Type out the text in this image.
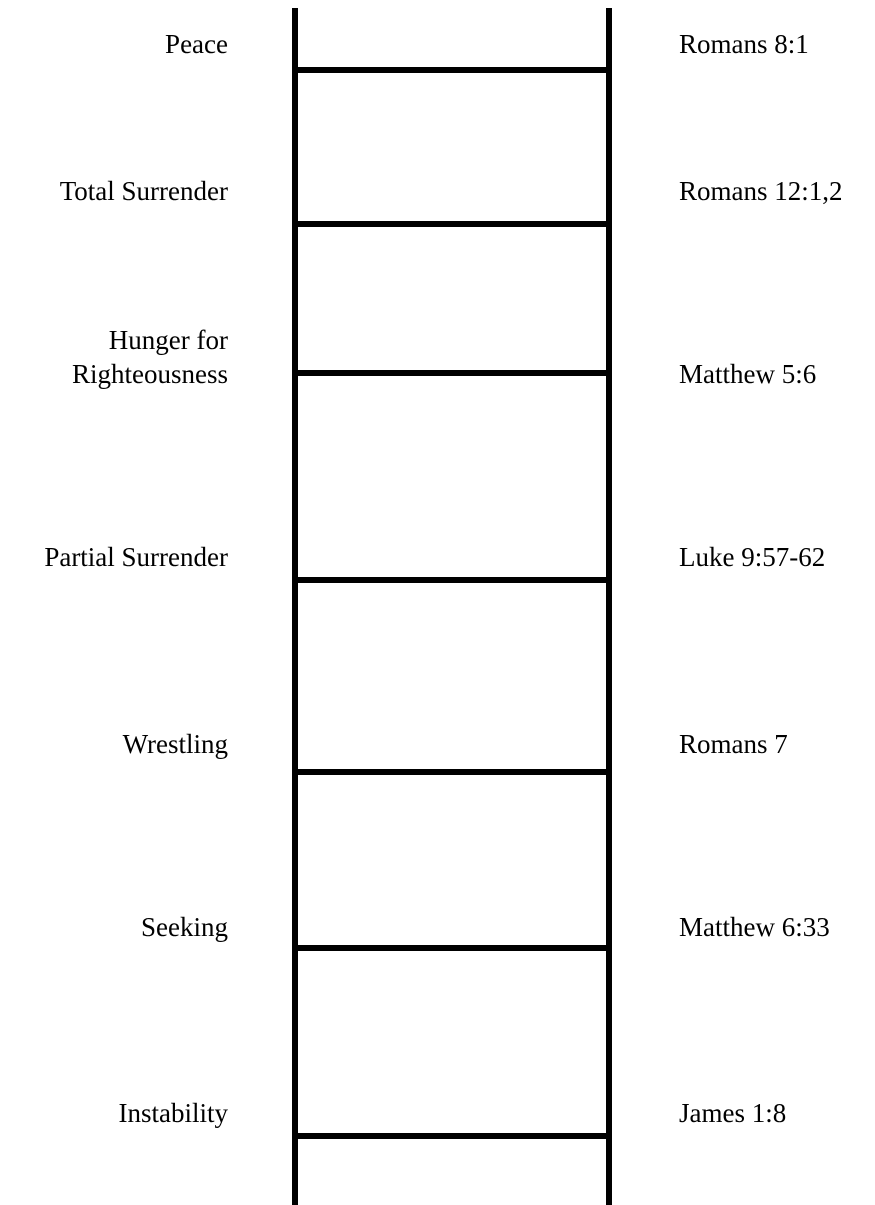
Peace
Total Surrender
Hunger for
Righteousness
Partial Surrender
Wrestling
Seeking
Instability
Romans 8:1
Romans 12:1,2
Matthew 5:6
Luke 9:57-62
Romans 7
Matthew 6:33
James 1:8
